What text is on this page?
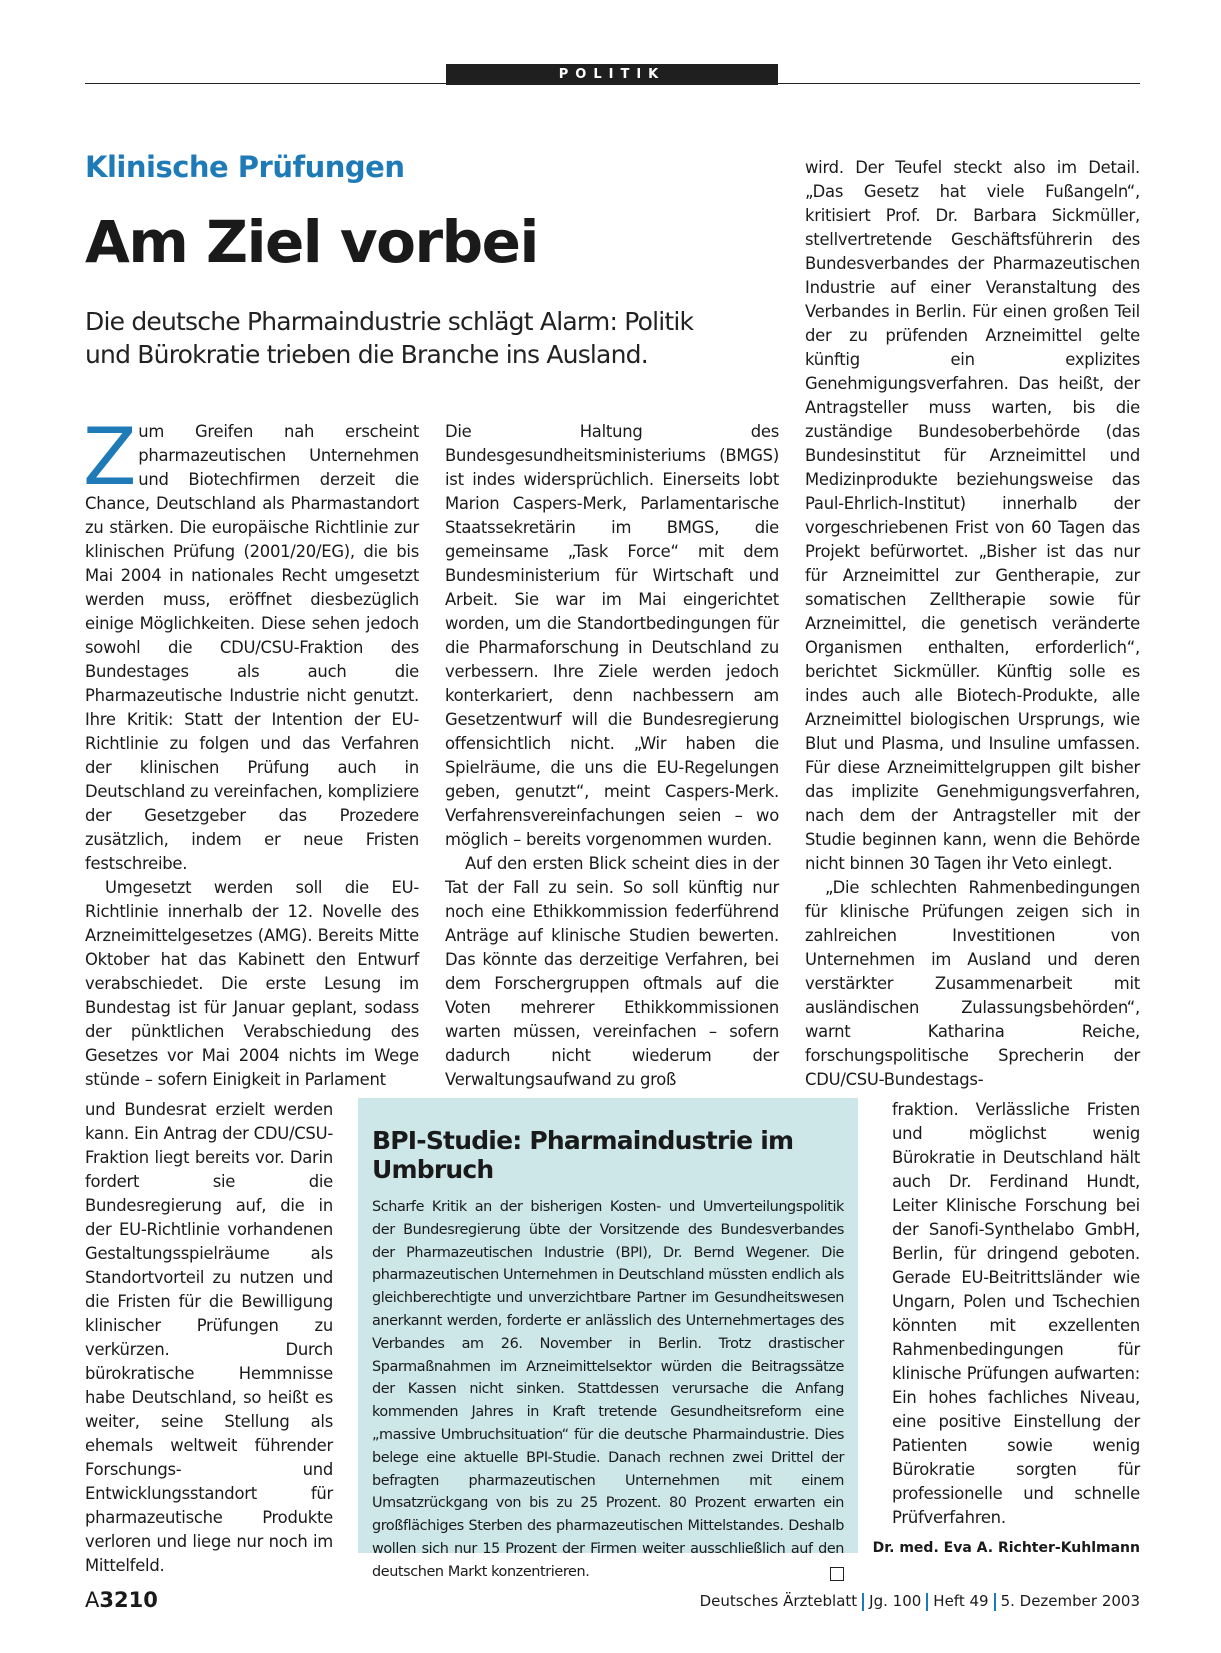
POLITIK
Klinische Prüfungen
Am Ziel vorbei
Die deutsche Pharmaindustrie schlägt Alarm: Politik und Bürokratie trieben die Branche ins Ausland.

Zum Greifen nah erscheint pharmazeutischen Unternehmen und Biotechfirmen derzeit die Chance, Deutschland als Pharmastandort zu stärken. Die europäische Richtlinie zur klinischen Prüfung (2001/20/EG), die bis Mai 2004 in nationales Recht umgesetzt werden muss, eröffnet diesbezüglich einige Möglichkeiten. Diese sehen jedoch sowohl die CDU/CSU-Fraktion des Bundestages als auch die Pharmazeutische Industrie nicht genutzt. Ihre Kritik: Statt der Intention der EU-Richtlinie zu folgen und das Verfahren der klinischen Prüfung auch in Deutschland zu vereinfachen, kompliziere der Gesetzgeber das Prozedere zusätzlich, indem er neue Fristen festschreibe.

Umgesetzt werden soll die EU-Richtlinie innerhalb der 12. Novelle des Arzneimittelgesetzes (AMG). Bereits Mitte Oktober hat das Kabinett den Entwurf verabschiedet. Die erste Lesung im Bundestag ist für Januar geplant, sodass der pünktlichen Verabschiedung des Gesetzes vor Mai 2004 nichts im Wege stünde – sofern Einigkeit in Parlament

und Bundesrat erzielt werden kann. Ein Antrag der CDU/CSU-Fraktion liegt bereits vor. Darin fordert sie die Bundesregierung auf, die in der EU-Richtlinie vorhandenen Gestaltungsspielräume als Standortvorteil zu nutzen und die Fristen für die Bewilligung klinischer Prüfungen zu verkürzen. Durch bürokratische Hemmnisse habe Deutschland, so heißt es weiter, seine Stellung als ehemals weltweit führender Forschungs- und Entwicklungsstandort für pharmazeutische Produkte verloren und liege nur noch im Mittelfeld.

Die Haltung des Bundesgesundheitsministeriums (BMGS) ist indes widersprüchlich. Einerseits lobt Marion Caspers-Merk, Parlamentarische Staatssekretärin im BMGS, die gemeinsame „Task Force“ mit dem Bundesministerium für Wirtschaft und Arbeit. Sie war im Mai eingerichtet worden, um die Standortbedingungen für die Pharmaforschung in Deutschland zu verbessern. Ihre Ziele werden jedoch konterkariert, denn nachbessern am Gesetzentwurf will die Bundesregierung offensichtlich nicht. „Wir haben die Spielräume, die uns die EU-Regelungen geben, genutzt“, meint Caspers-Merk. Verfahrensvereinfachungen seien – wo möglich – bereits vorgenommen wurden.

Auf den ersten Blick scheint dies in der Tat der Fall zu sein. So soll künftig nur noch eine Ethikkommission federführend Anträge auf klinische Studien bewerten. Das könnte das derzeitige Verfahren, bei dem Forschergruppen oftmals auf die Voten mehrerer Ethikkommissionen warten müssen, vereinfachen – sofern dadurch nicht wiederum der Verwaltungsaufwand zu groß

wird. Der Teufel steckt also im Detail. „Das Gesetz hat viele Fußangeln“, kritisiert Prof. Dr. Barbara Sickmüller, stellvertretende Geschäftsführerin des Bundesverbandes der Pharmazeutischen Industrie auf einer Veranstaltung des Verbandes in Berlin. Für einen großen Teil der zu prüfenden Arzneimittel gelte künftig ein explizites Genehmigungsverfahren. Das heißt, der Antragsteller muss warten, bis die zuständige Bundesoberbehörde (das Bundesinstitut für Arzneimittel und Medizinprodukte beziehungsweise das Paul-Ehrlich-Institut) innerhalb der vorgeschriebenen Frist von 60 Tagen das Projekt befürwortet. „Bisher ist das nur für Arzneimittel zur Gentherapie, zur somatischen Zelltherapie sowie für Arzneimittel, die genetisch veränderte Organismen enthalten, erforderlich“, berichtet Sickmüller. Künftig solle es indes auch alle Biotech-Produkte, alle Arzneimittel biologischen Ursprungs, wie Blut und Plasma, und Insuline umfassen. Für diese Arzneimittelgruppen gilt bisher das implizite Genehmigungsverfahren, nach dem der Antragsteller mit der Studie beginnen kann, wenn die Behörde nicht binnen 30 Tagen ihr Veto einlegt.

„Die schlechten Rahmenbedingungen für klinische Prüfungen zeigen sich in zahlreichen Investitionen von Unternehmen im Ausland und deren verstärkter Zusammenarbeit mit ausländischen Zulassungsbehörden“, warnt Katharina Reiche, forschungspolitische Sprecherin der CDU/CSU-Bundestags-

fraktion. Verlässliche Fristen und möglichst wenig Bürokratie in Deutschland hält auch Dr. Ferdinand Hundt, Leiter Klinische Forschung bei der Sanofi-Synthelabo GmbH, Berlin, für dringend geboten. Gerade EU-Beitrittsländer wie Ungarn, Polen und Tschechien könnten mit exzellenten Rahmenbedingungen für klinische Prüfungen aufwarten: Ein hohes fachliches Niveau, eine positive Einstellung der Patienten sowie wenig Bürokratie sorgten für professionelle und schnelle Prüfverfahren.

Dr. med. Eva A. Richter-Kuhlmann
BPI-Studie: Pharmaindustrie im Umbruch
Scharfe Kritik an der bisherigen Kosten- und Umverteilungspolitik der Bundesregierung übte der Vorsitzende des Bundesverbandes der Pharmazeutischen Industrie (BPI), Dr. Bernd Wegener. Die pharmazeutischen Unternehmen in Deutschland müssten endlich als gleichberechtigte und unverzichtbare Partner im Gesundheitswesen anerkannt werden, forderte er anlässlich des Unternehmertages des Verbandes am 26. November in Berlin. Trotz drastischer Sparmaßnahmen im Arzneimittelsektor würden die Beitragssätze der Kassen nicht sinken. Stattdessen verursache die Anfang kommenden Jahres in Kraft tretende Gesundheitsreform eine „massive Umbruchsituation“ für die deutsche Pharmaindustrie. Dies belege eine aktuelle BPI-Studie. Danach rechnen zwei Drittel der befragten pharmazeutischen Unternehmen mit einem Umsatzrückgang von bis zu 25 Prozent. 80 Prozent erwarten ein großflächiges Sterben des pharmazeutischen Mittelstandes. Deshalb wollen sich nur 15 Prozent der Firmen weiter ausschließlich auf den deutschen Markt konzentrieren.
A3210	Deutsches Ärzteblatt Jg. 100 Heft 49 5. Dezember 2003
